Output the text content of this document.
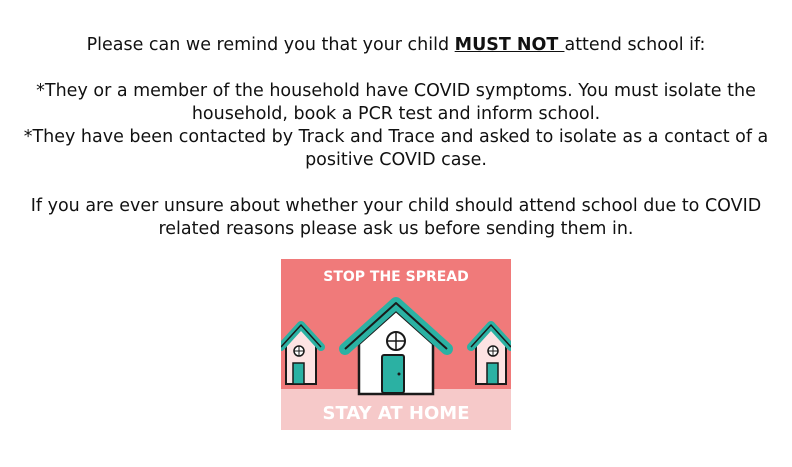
Please can we remind you that your child MUST NOT attend school if:

*They or a member of the household have COVID symptoms. You must isolate the

household, book a PCR test and inform school.

*They have been contacted by Track and Trace and asked to isolate as a contact of a

positive COVID case.

If you are ever unsure about whether your child should attend school due to COVID

related reasons please ask us before sending them in.

STOP THE SPREAD
STAY AT HOME
